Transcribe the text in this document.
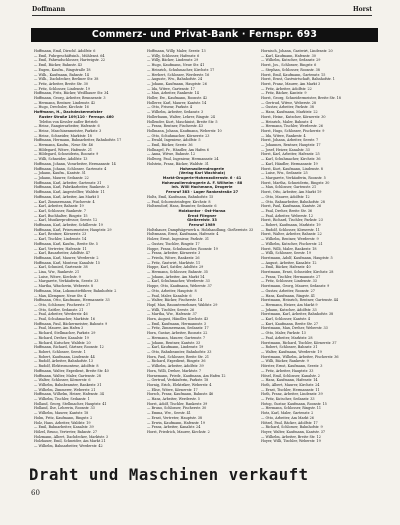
Doffmann	Horst
Commerz- und Privat-Bank · Fernspr. 693
Hoffmann, Emil, Dirschf. Adolfstr. 6
— Emil, Fuhrgeschäftsinh., Mühlenst. 64
— Emil, Fahrradschlosser, Hartwigstr. 22
— Emil, Bäcker, Bahnstr. 43
— Eugen, Kaufm., Ringstraße 18
— Wilh., Kaufmann, Bahnstr. 14
— Wilh., Dachdecker, Berliner Str. 38
— Fritz, Arbeiter, Breite Str. 30
— Fritz, Schlosser, Lindenstr. 19
Hoffmann, Fritz, Bäcker, Weißhauer Str. 34
Hoffmann, Georg, Arbeiter, Brunnenstr. 3
— Hermann, Rentner, Lindenstr. 42
— Hugo, Drechsler, Kirchstr. 16
Hoffmann, H., Dachdeckermeister
Ruster Straße 109/110 · Fernspr. 460
Telefon von Kessler außer Betrieb
— Heinr., Rangierarbeiter, Hafenstr. 6
— Heinr., Maschinenmeister, Parkstr. 3
— Heinr., Schneider, Marktstr. 18
Hoffmann, Hermann, Bahnarbeiter, Bahnhofstr. 17
— Hermann, Kaufm., Neue Str. 46
— Hildegard, Witwe, Hafenstr. 21
— Hildegard, Schneiderin, Roonstr. 9
— Willi, Schneider, Adolfstr. 13
Hoffmann, Johann, Vorarbeiter, Hermannstr. 14
Hoffmann, Johann, Schlosser, Gartenstr. 4
— Johann, Kaufm., Kantstr. 51
— Johann, Maurer, Sedanstr. 22
Hoffmann, Karl, Arbeiter, Gartenstr. 31
Hoffmann, Karl, Fabrikarbeiter, Rankestr. 3
Hoffmann, Karl, Angestellter, Waldstr. 11
Hoffmann, Karl, Arbeiter, Am Markt 5
— Karl, Zimmermann, Fischerstr. 4
— Karl, Arbeiter, Bahnstr. 19
— Karl, Schlosser, Rankestr. 7
— Karl, Buchhalter, Ringstr. 15
— Karl, Musikerprofessor, Seestr. 12
Hoffmann, Karl, Arbeiter, Schillerstr. 19
Hoffmann, Karl, Friseurmeister, Hauptstr. 29
— Karl, Rentner, Körnerstr. 23
— Karl, Tischler, Lindenstr. 14
Hoffmann, Karl, Kaufm., Breite Str. 5
— Karl, Vertreter, Hafenstr. 11
— Karl, Bauarbeiter, Adolfstr. 47
Hoffmann, Karl, Maurer, Werderstr. 2
Hoffmann, Karl, Monteur, Kanalstr. 15
— Karl, Schmied, Gartenstr. 38
— Lina, Ww., Rankestr. 21
— Luise, Witwe, Kirchstr. 9
— Margarete, Verkäuferin, Seestr. 33
— Martha, Wäscherin, Weberstr. 8
Hoffmann, Max, Lokomotivführer, Bahnhofstr. 2
— Max, Klempner, Neue Str. 4
Hoffmann, Otto, Kaufmann, Hermannstr. 33
— Otto, Schlosser, Fischerstr. 27
— Otto, Sattler, Sedanstr. 21
— Paul, Arbeiter, Werderstr. 46
— Paul, Schuhmacher, Marktstr. 16
Hoffmann, Paul, Bäckermeister, Bahnstr. 9
— Paul, Maurer, Am Hafen 3
— Richard, Stellmacher, Parkstr. 29
— Richard, Dreher, Kanalstr. 19
— Richard, Kutscher, Waldstr. 20
Hoffmann, Richard, Gärtner, Roonstr. 12
— Robert, Schlosser, Seestr. 1
— Robert, Kaufmann, Lindenstr. 44
— Rudolf, Arbeiter, Bahnhofstr. 13
— Rudolf, Elektromonteur, Adolfstr. 8
Hoffmann, Walter, Expedient, Breite Str. 40
Hoffmann, Walter, Maler, Gartenstr. 28
— Walter, Schlosser, Körnerstr. 6
— Wilhelm, Bahnbeamter, Rankestr. 31
— Wilhelm, Zimmerer, Weberstr. 21
Hoffmann, Wilhelm, Heizer, Hafenstr. 34
— Wilhelm, Tischler, Sedanstr. 1
Holland, Georg, Stellmacher, Hauptstr. 41
Holland, Ilse, Lehrerin, Roonstr. 33
— Wilhelm, Maurer, Kantstr. 18
Holm, Fritz, Kaufmann, Ringstr. 2
Holz, Hans, Arbeiter, Waldstr. 19
— Emil, Bahnarbeiter, Kanalstr. 39
Hölzel, Bruno, Vertreter, Bahnstr. 27
Holzmann, Albert, Dachdecker, Marktstr. 3
Holzhauer, Emil, Schneider, Am Markt 21
— Wilhelm, Bahnarbeiter, Werderstr. 42
Hoffmann, Willy, Maler, Seestr. 13
— Willy, Schlosser, Hafenstr. 6
— Willy, Bäcker, Lindenstr. 29
— Hugo, Kaufmann, Neue Str. 41
— Heinrich, Schuhmacher, Kirchstr. 17
— Herbert, Schlosser, Werderstr. 16
— Auguste, Ww., Bahnhofstr. 24
— Johann, Kaufmann, Hauptstr. 26
— Ida, Witwe, Gartenstr. 17
— Max, Arbeiter, Rankestr. 14
Holler, Ew., Kaufmann, Roonstr. 42
Hollerer, Karl, Maurer, Kantstr. 14
— Otto, Friseur, Parkstr. 4
— Wilhelm, Arbeiter, Sedanstr. 3
Hollerbaum, Walter, Lehrer, Ringstr. 24
Hollender, Kurt, Maschinist, Breite Str. 5
— Franz, Rentner, Fischerstr. 43
Hollmann, Johann, Kaufmann, Weberstr. 10
— Otto, Schuhmacher, Körnerstr. 23
— Ewald, Ingenieur, Adolfstr. 5
— Emil, Bäcker, Seestr. 36
Hollnagel, Fr., Händler, Am Hafen 6
— Anna, Witwe, Bahnstr. 12
Hollweg, Paul, Ingenieur, Hermannstr. 24
Holstein, Franz, Bäcker, Waldstr. 31
Hohenzollerndrogerie
(Verlag Karl Wachholz)
Markt-Drogerie-Hohenzollernstr. 6 · 41
Hohenzollerndrogerie A. F. Wilhelm · 88
Inh. Willi Hachmann, Drogerie
Fernruf 383 · Lager Rankestraße 27
Holtz, Emil, Kaufmann, Bahnhofstr. 15
— Paul, Schornsteinfeger, Kirchstr. 8
Holtzendorf, Hans, Beamter, Sedanstr. 6
Holzkontor · Ost-Hansa
Ernst Fliegner
Gießereistr. 33
Fernruf 1989
Holtzhauer, Dampfsägewerk u. Holzhandlung, Gießereistr. 33
Holtzmann, Ernst, Kaufmann, Hafenstr. 4
Holzer, Ernst, Ingenieur, Parkstr. 31
— Gustav, Tischler, Ringstr. 17
Hoppe, Franz, Schuhmacher, Roonstr. 19
— Franz, Arbeiter, Körnerstr. 3
— Frieda, Witwe, Rankestr. 26
— Fritz, Gastwirt, Marktstr. 11
Hoppe, Karl, Sattler, Adolfstr. 29
— Hermann, Schlosser, Bahnstr. 35
— Johann, Arbeiter, Am Markt 14
— Karl, Schuhmacher, Werderstr. 33
Hoppe, Otto, Kaufmann, Weberstr. 37
— Otto, Arbeiter, Hauptstr. 8
— Paul, Maler, Kanalstr. 6
— Walter, Bäcker, Fischerstr. 14
Hopf, Max, Bauunternehmer, Waldstr. 29
— Willi, Tischler, Seestr. 26
— Martha, Ww., Hafenstr. 37
Horn, August, Händler, Kirchstr. 43
— Emil, Kaufmann, Hermannstr. 3
— Fritz, Zimmermann, Sedanstr. 17
Horn, Gustav, Arbeiter, Roonstr. 22
— Hermann, Maurer, Gartenstr. 7
— Johann, Rentner, Kantstr. 33
— Karl, Kaufmann, Lindenstr. 19
— Otto, Bahnbeamter, Bahnhofstr. 33
Horn, Paul, Schlosser, Breite Str. 21
— Richard, Expedient, Ringstr. 36
— Wilhelm, Arbeiter, Adolfstr. 39
Horn, Willi, Dreher, Marktstr. 7
Hornemann, Friedr., Kaufmann, Am Hafen 12
— Gertrud, Verkäuferin, Parkstr. 18
Hornig, Erich, Elektriker, Weberstr. 4
— Elise, Witwe, Körnerstr. 17
Horsch, Franz, Kaufmann, Bahnstr. 46
— Hans, Arbeiter, Werderstr. 5
Horst, Adolf, Tischler, Rankestr. 39
— Bruno, Schlosser, Fischerstr. 30
— Emma, Ww., Seestr. 41
— Ernst, Vertreter, Hauptstr. 38
— Erwin, Kaufmann, Hafenstr. 19
— Franz, Arbeiter, Kanalstr. 24
Horst, Friedrich, Maurer, Kirchstr. 2
Hornisch, Johann, Gastwirt, Lindenstr. 20
— Karl, Kaufmann, Hafenstr. 30
— Wilhelm, Kutscher, Sedanstr. 29
Horst, Jos., Schlosser, Ringstr. 6
— Stephan, Schlosser, Roonstr. 38
Horst, Emil, Kaufmann, Gartenstr. 15
Horst, Ernst, Gastwirtschaft, Bahnhofstr. 1
Horst, Franz, Maurer, Am Markt 3
— Fritz, Arbeiter, Adolfstr. 22
— Fritz, Bäcker, Kantstr. 9
Horst, Georg, Schneidermeister, Breite Str. 18
— Gertrud, Witwe, Weberstr. 28
— Gustav, Arbeiter, Parkstr. 38
— Hans, Kaufmann, Marktstr. 22
Horst, Heinr., Kutscher, Körnerstr. 30
— Heinrich, Maler, Bahnstr. 4
— Hermann, Tischler, Werderstr. 26
Horst, Hugo, Schlosser, Fischerstr. 9
— Ida, Witwe, Rankestr. 4
Horst, Johann, Arbeiter, Seestr. 7
— Johannes, Rentner, Hauptstr. 17
— Josef, Heizer, Kanalstr. 33
Horst, Karl, Arbeiter, Hafenstr. 25
— Karl, Schuhmacher, Kirchstr. 36
— Karl, Händler, Hermannstr. 19
Horst, Kurt, Kaufmann, Lindenstr. 8
— Luise, Ww., Sedanstr. 25
— Margarete, Verkäuferin, Roonstr. 5
Horst, Martha, Schneiderin, Ringstr. 30
— Max, Schlosser, Gartenstr. 21
Horst, Otto, Arbeiter, Am Markt 19
— Otto, Maurer, Adolfstr. 12
— Otto, Bahnarbeiter, Bahnhofstr. 28
Horst, Paul, Kaufmann, Kantstr. 26
— Paul, Dreher, Breite Str. 36
— Paul, Arbeiter, Weberstr. 12
Horst, Richard, Tischler, Parkstr. 23
— Robert, Kaufmann, Marktstr. 19
— Rudolf, Schlosser, Körnerstr. 11
Horst, Walter, Arbeiter, Bahnstr. 22
— Wilhelm, Rentner, Werderstr. 9
— Wilhelm, Kutscher, Fischerstr. 21
Horst, Willi, Maler, Rankestr. 18
— Willi, Schlosser, Seestr. 19
Horstmann, Adolf, Kaufmann, Hauptstr. 5
— August, Arbeiter, Kanalstr. 12
— Emil, Bäcker, Hafenstr. 40
Horstmann, Ernst, Schneider, Kirchstr. 28
— Franz, Tischler, Hermannstr. 27
— Fritz, Schlosser, Lindenstr. 33
Horstmann, Georg, Maurer, Sedanstr. 9
— Gustav, Arbeiter, Roonstr. 27
— Hans, Kaufmann, Ringstr. 41
Horstmann, Heinrich, Rentner, Gartenstr. 44
— Hermann, Heizer, Am Markt 9
— Johann, Kutscher, Adolfstr. 33
Horstmann, Karl, Arbeiter, Bahnhofstr. 38
— Karl, Schlosser, Kantstr. 4
— Kurt, Kaufmann, Breite Str. 27
Horstmann, Max, Dreher, Weberstr. 33
— Otto, Maler, Parkstr. 13
— Paul, Arbeiter, Marktstr. 28
Horstmann, Richard, Tischler, Körnerstr. 37
— Robert, Schlosser, Bahnstr. 31
— Walter, Kaufmann, Werderstr. 19
Horstmann, Wilhelm, Arbeiter, Fischerstr. 36
— Willi, Bäcker, Rankestr. 9
Hörster, Ernst, Kaufmann, Seestr. 3
— Fritz, Arbeiter, Hauptstr. 33
Hösel, Emil, Schlosser, Kanalstr. 2
— Hans, Kaufmann, Hafenstr. 14
Hoth, Albert, Maurer, Kirchstr. 24
— Ernst, Tischler, Hermannstr. 11
Hoth, Franz, Arbeiter, Lindenstr. 39
— Fritz, Kutscher, Sedanstr. 33
Hotop, Gustav, Kaufmann, Roonstr. 15
— Hermann, Schlosser, Ringstr. 11
Hotz, Karl, Maler, Gartenstr. 2
— Otto, Arbeiter, Am Markt 26
Hötzel, Paul, Bäcker, Adolfstr. 17
— Richard, Schlosser, Bahnhofstr. 9
Hoyer, Walter, Kaufmann, Kantstr. 37
— Wilhelm, Arbeiter, Breite Str. 12
Hoyer, Willi, Tischler, Weberstr. 19
Draht und Maschinen verkauft
60
